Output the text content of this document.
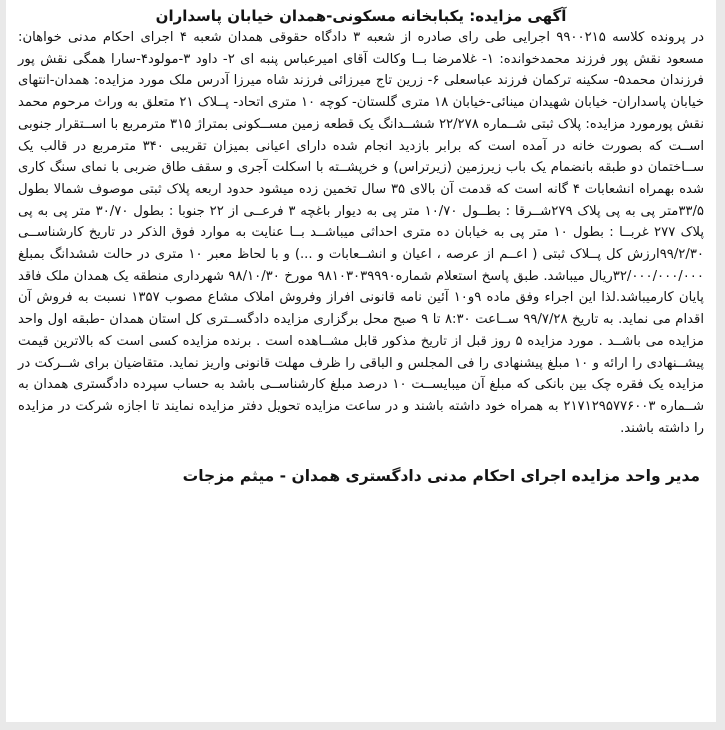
آگهی مزایده: یکبابخانه مسکونی-همدان خیابان پاسداران

در پرونده کلاسه ۹۹۰۰۲۱۵ اجرایی طی رای صادره از شعبه ۳ دادگاه حقوقی همدان شعبه ۴ اجرای احکام مدنی خواهان: مسعود نقش پور فرزند محمدخوانده: ۱- غلامرضا بــا وکالت آقای امیرعباس پنبه ای ۲- داود ۳-مولود۴-سارا همگی نقش پور فرزندان محمد۵- سکینه ترکمان فرزند عباسعلی ۶- زرین تاج میرزائی فرزند شاه میرزا آدرس ملک مورد مزایده: همدان-انتهای خیابان پاسداران- خیابان شهیدان مینائی-خیابان ۱۸ متری گلستان- کوچه ۱۰ متری اتحاد- پــلاک ۲۱ متعلق به وراث مرحوم محمد نقش پورمورد مزایده: پلاک ثبتی شــماره ۲۲/۲۷۸ ششــدانگ یک قطعه زمین مســکونی بمتراژ ۳۱۵ مترمربع با اســتقرار جنوبی اســت که بصورت خانه در آمده است که برابر بازدید انجام شده دارای اعیانی بمیزان تقریبی ۳۴۰ مترمربع در قالب یک ســاختمان دو طبقه بانضمام یک باب زیرزمین (زیرتراس) و خرپشــته با اسکلت آجری و سقف طاق ضربی با نمای سنگ کاری شده بهمراه انشعابات ۴ گانه است که قدمت آن بالای ۳۵ سال تخمین زده میشود حدود اربعه پلاک ثبتی موصوف شمالا بطول ۳۳/۵متر پی به پی پلاک ۲۷۹شــرقا : بطــول ۱۰/۷۰ متر پی به دیوار باغچه ۳ فرعــی از ۲۲ جنوبا : بطول ۳۰/۷۰ متر پی به پی پلاک ۲۷۷ غربــا : بطول ۱۰ متر پی به خیابان ده متری احداثی میباشــد بــا عنایت به موارد فوق الذکر در تاریخ کارشناســی ۹۹/۲/۳۰ارزش کل پــلاک ثبتی ( اعــم از عرصه ، اعیان و انشــعابات و ...) و با لحاظ معبر ۱۰ متری در حالت ششدانگ بمبلغ ۳۲/۰۰۰/۰۰۰/۰۰۰ریال میباشد. طبق پاسخ استعلام شماره۹۸۱۰۳۰۳۹۹۹۰ مورخ ۹۸/۱۰/۳۰ شهرداری منطقه یک همدان ملک فاقد پایان کارمیباشد.لذا این اجراء وفق ماده ۹و۱۰ آئین نامه قانونی افراز وفروش املاک مشاع مصوب ۱۳۵۷ نسبت به فروش آن اقدام می نماید. به تاریخ ۹۹/۷/۲۸ ســاعت ۸:۳۰ تا ۹ صبح محل برگزاری مزایده دادگســتری کل استان همدان -طبقه اول واحد مزایده می باشــد . مورد مزایده ۵ روز قبل از تاریخ مذکور قابل مشــاهده است . برنده مزایده کسی است که بالاترین قیمت پیشــنهادی را ارائه و ۱۰ مبلغ پیشنهادی را فی المجلس و الباقی را ظرف مهلت قانونی واریز نماید. متقاضیان برای شــرکت در مزایده یک فقره چک بین بانکی که مبلغ آن میبایســت ۱۰ درصد مبلغ کارشناســی باشد به حساب سپرده دادگستری همدان به شــماره ۲۱۷۱۲۹۵۷۷۶۰۰۳ به همراه خود داشته باشند و در ساعت مزایده تحویل دفتر مزایده نمایند تا اجازه شرکت در مزایده را داشته باشند.

مدیر واحد مزایده اجرای احکام مدنی دادگستری همدان - میثم مزجات
